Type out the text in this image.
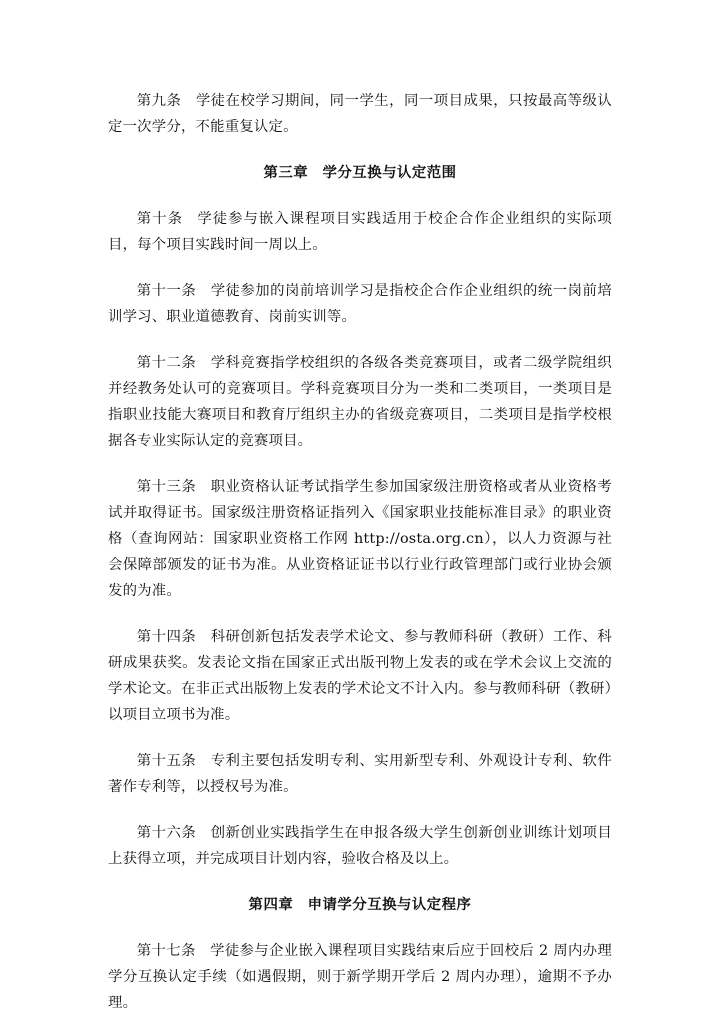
第九条 学徒在校学习期间，同一学生，同一项目成果，只按最高等级认定一次学分，不能重复认定。

第三章 学分互换与认定范围

第十条 学徒参与嵌入课程项目实践适用于校企合作企业组织的实际项目，每个项目实践时间一周以上。

第十一条 学徒参加的岗前培训学习是指校企合作企业组织的统一岗前培训学习、职业道德教育、岗前实训等。

第十二条 学科竞赛指学校组织的各级各类竞赛项目，或者二级学院组织并经教务处认可的竞赛项目。学科竞赛项目分为一类和二类项目，一类项目是指职业技能大赛项目和教育厅组织主办的省级竞赛项目，二类项目是指学校根据各专业实际认定的竞赛项目。

第十三条 职业资格认证考试指学生参加国家级注册资格或者从业资格考试并取得证书。国家级注册资格证指列入《国家职业技能标准目录》的职业资格（查询网站：国家职业资格工作网 http://osta.org.cn），以人力资源与社会保障部颁发的证书为准。从业资格证证书以行业行政管理部门或行业协会颁发的为准。

第十四条 科研创新包括发表学术论文、参与教师科研（教研）工作、科研成果获奖。发表论文指在国家正式出版刊物上发表的或在学术会议上交流的学术论文。在非正式出版物上发表的学术论文不计入内。参与教师科研（教研）以项目立项书为准。

第十五条 专利主要包括发明专利、实用新型专利、外观设计专利、软件著作专利等，以授权号为准。

第十六条 创新创业实践指学生在申报各级大学生创新创业训练计划项目上获得立项，并完成项目计划内容，验收合格及以上。

第四章 申请学分互换与认定程序

第十七条 学徒参与企业嵌入课程项目实践结束后应于回校后 2 周内办理学分互换认定手续（如遇假期，则于新学期开学后 2 周内办理），逾期不予办理。
